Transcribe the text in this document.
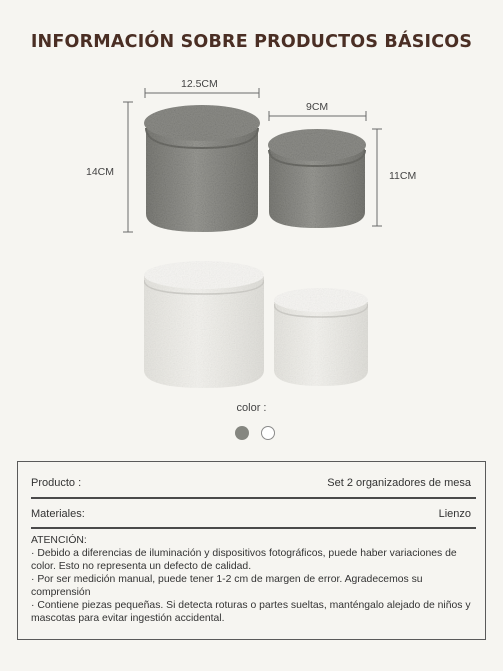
INFORMACIÓN SOBRE PRODUCTOS BÁSICOS
12.5CM
9CM
14CM	11CM
color :
Producto :	Set 2 organizadores de mesa
Materiales:	Lienzo

ATENCIÓN:

· Debido a diferencias de iluminación y dispositivos fotográficos, puede haber variaciones de color. Esto no representa un defecto de calidad.

· Por ser medición manual, puede tener 1-2 cm de margen de error. Agradecemos su comprensión

· Contiene piezas pequeñas. Si detecta roturas o partes sueltas, manténgalo alejado de niños y mascotas para evitar ingestión accidental.
